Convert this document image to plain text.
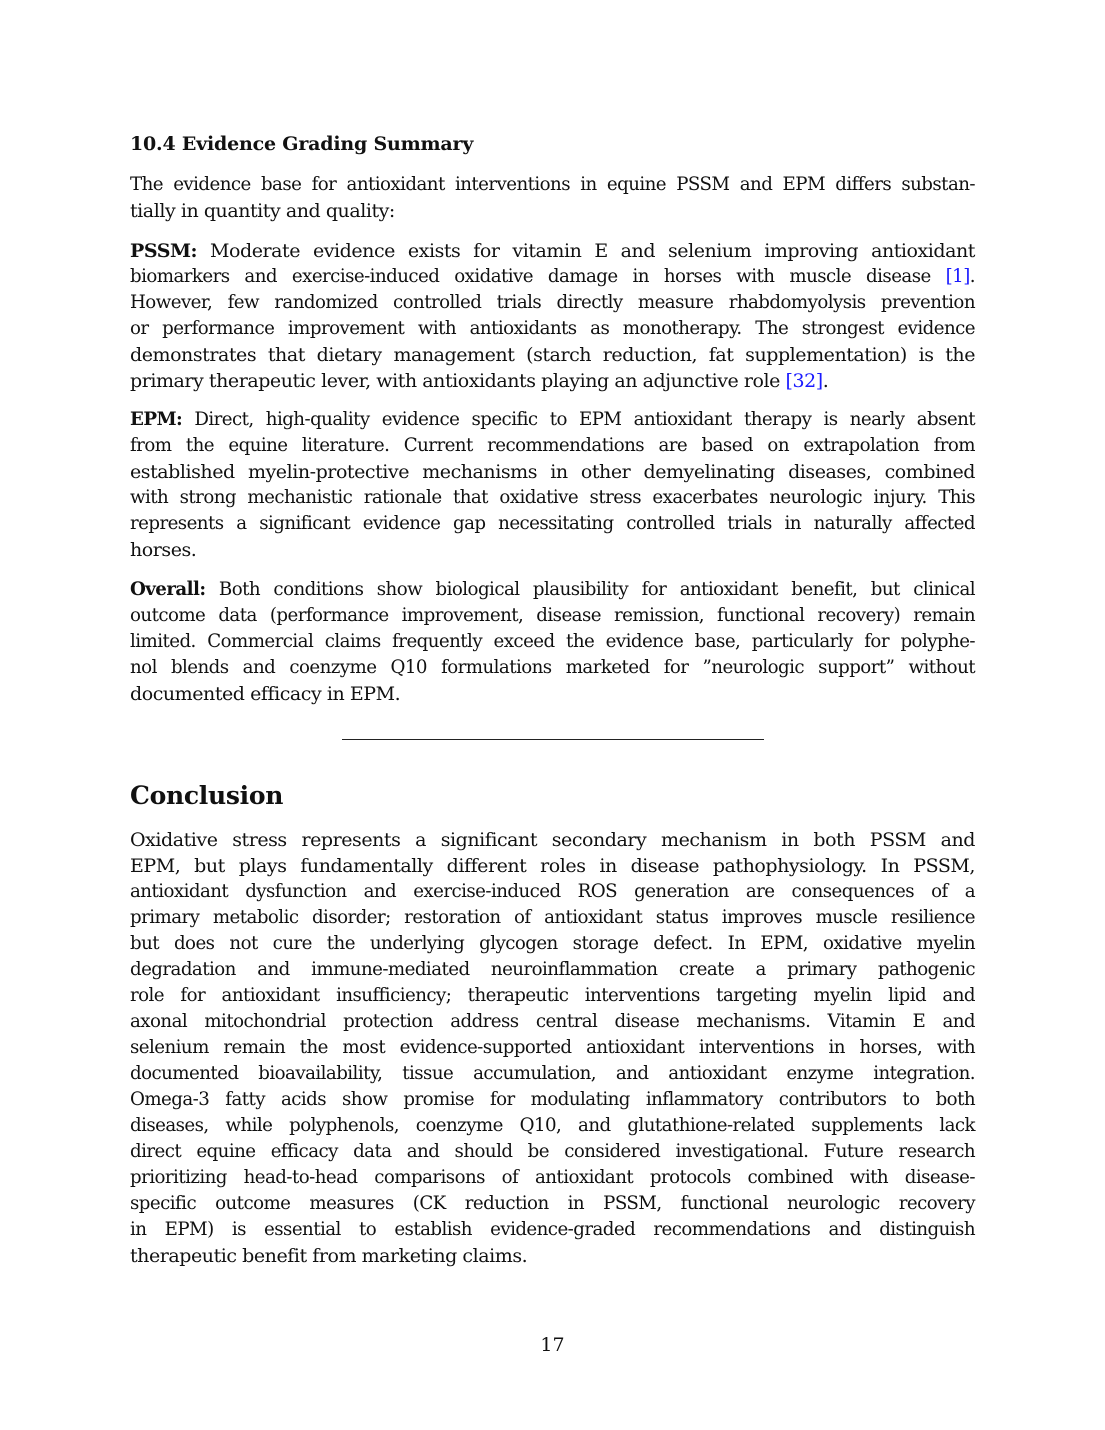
10.4 Evidence Grading Summary
The evidence base for antioxidant interventions in equine PSSM and EPM differs substan-
tially in quantity and quality:
PSSM: Moderate evidence exists for vitamin E and selenium improving antioxidant
biomarkers and exercise-induced oxidative damage in horses with muscle disease [1].
However, few randomized controlled trials directly measure rhabdomyolysis prevention
or performance improvement with antioxidants as monotherapy. The strongest evidence
demonstrates that dietary management (starch reduction, fat supplementation) is the
primary therapeutic lever, with antioxidants playing an adjunctive role [32].
EPM: Direct, high-quality evidence specific to EPM antioxidant therapy is nearly absent
from the equine literature. Current recommendations are based on extrapolation from
established myelin-protective mechanisms in other demyelinating diseases, combined
with strong mechanistic rationale that oxidative stress exacerbates neurologic injury. This
represents a significant evidence gap necessitating controlled trials in naturally affected
horses.
Overall: Both conditions show biological plausibility for antioxidant benefit, but clinical
outcome data (performance improvement, disease remission, functional recovery) remain
limited. Commercial claims frequently exceed the evidence base, particularly for polyphe-
nol blends and coenzyme Q10 formulations marketed for ”neurologic support” without
documented efficacy in EPM.
Conclusion
Oxidative stress represents a significant secondary mechanism in both PSSM and
EPM, but plays fundamentally different roles in disease pathophysiology. In PSSM,
antioxidant dysfunction and exercise-induced ROS generation are consequences of a
primary metabolic disorder; restoration of antioxidant status improves muscle resilience
but does not cure the underlying glycogen storage defect. In EPM, oxidative myelin
degradation and immune-mediated neuroinflammation create a primary pathogenic
role for antioxidant insufficiency; therapeutic interventions targeting myelin lipid and
axonal mitochondrial protection address central disease mechanisms. Vitamin E and
selenium remain the most evidence-supported antioxidant interventions in horses, with
documented bioavailability, tissue accumulation, and antioxidant enzyme integration.
Omega-3 fatty acids show promise for modulating inflammatory contributors to both
diseases, while polyphenols, coenzyme Q10, and glutathione-related supplements lack
direct equine efficacy data and should be considered investigational. Future research
prioritizing head-to-head comparisons of antioxidant protocols combined with disease-
specific outcome measures (CK reduction in PSSM, functional neurologic recovery
in EPM) is essential to establish evidence-graded recommendations and distinguish
therapeutic benefit from marketing claims.
17
